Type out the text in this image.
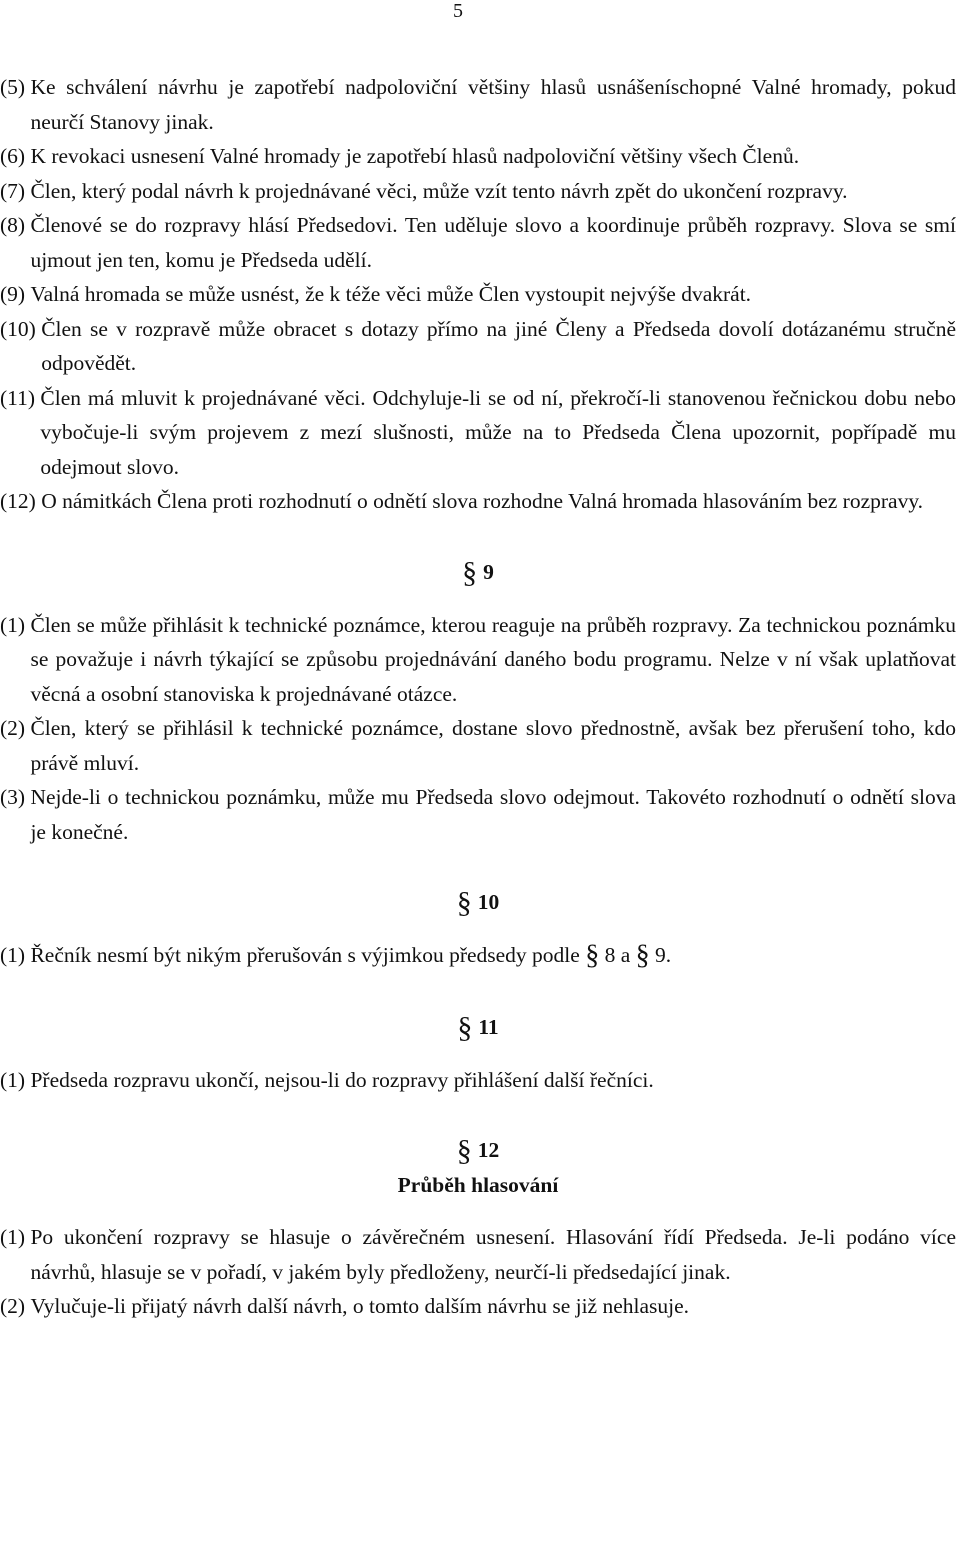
5
(5) Ke schválení návrhu je zapotřebí nadpoloviční většiny hlasů usnášeníschopné Valné hromady, pokud neurčí Stanovy jinak.
(6) K revokaci usnesení Valné hromady je zapotřebí hlasů nadpoloviční většiny všech Členů.
(7) Člen, který podal návrh k projednávané věci, může vzít tento návrh zpět do ukončení rozpravy.
(8) Členové se do rozpravy hlásí Předsedovi. Ten uděluje slovo a koordinuje průběh rozpravy. Slova se smí ujmout jen ten, komu je Předseda udělí.
(9) Valná hromada se může usnést, že k téže věci může Člen vystoupit nejvýše dvakrát.
(10) Člen se v rozpravě může obracet s dotazy přímo na jiné Členy a Předseda dovolí dotázanému stručně odpovědět.
(11) Člen má mluvit k projednávané věci. Odchyluje-li se od ní, překročí-li stanovenou řečnickou dobu nebo vybočuje-li svým projevem z mezí slušnosti, může na to Předseda Člena upozornit, popřípadě mu odejmout slovo.
(12) O námitkách Člena proti rozhodnutí o odnětí slova rozhodne Valná hromada hlasováním bez rozpravy.
§ 9
(1) Člen se může přihlásit k technické poznámce, kterou reaguje na průběh rozpravy. Za technickou poznámku se považuje i návrh týkající se způsobu projednávání daného bodu programu. Nelze v ní však uplatňovat věcná a osobní stanoviska k projednávané otázce.
(2) Člen, který se přihlásil k technické poznámce, dostane slovo přednostně, avšak bez přerušení toho, kdo právě mluví.
(3) Nejde-li o technickou poznámku, může mu Předseda slovo odejmout. Takovéto rozhodnutí o odnětí slova je konečné.
§ 10
(1) Řečník nesmí být nikým přerušován s výjimkou předsedy podle § 8 a § 9.
§ 11
(1) Předseda rozpravu ukončí, nejsou-li do rozpravy přihlášení další řečníci.
§ 12
Průběh hlasování
(1) Po ukončení rozpravy se hlasuje o závěrečném usnesení. Hlasování řídí Předseda. Je-li podáno více návrhů, hlasuje se v pořadí, v jakém byly předloženy, neurčí-li předsedající jinak.
(2) Vylučuje-li přijatý návrh další návrh, o tomto dalším návrhu se již nehlasuje.
